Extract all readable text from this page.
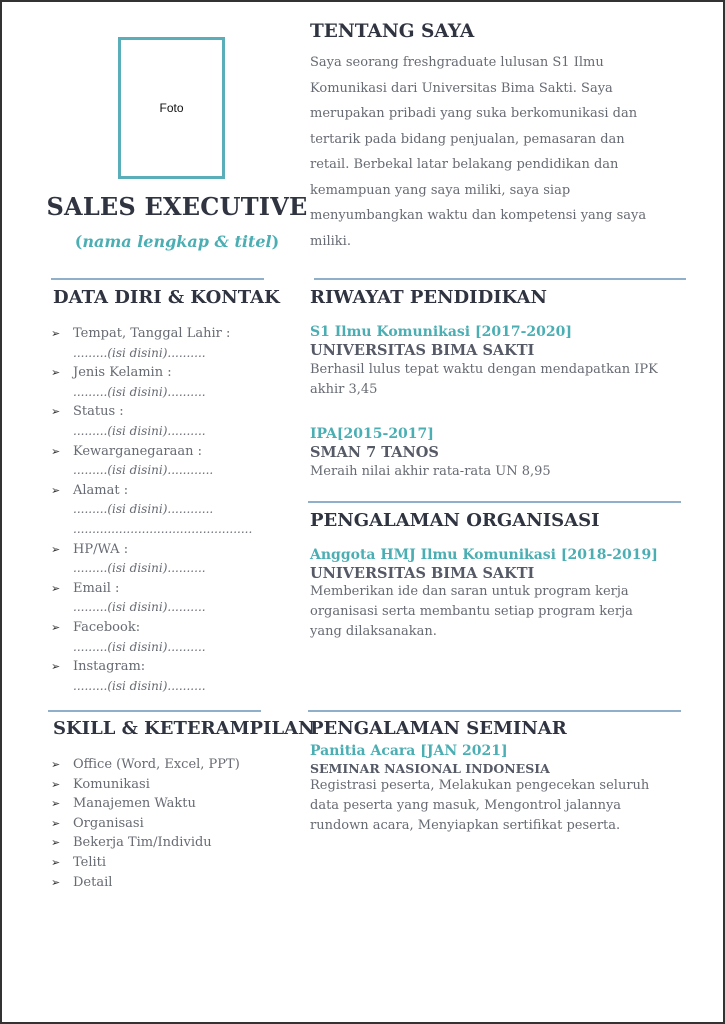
Foto
SALES EXECUTIVE
(nama lengkap & titel)
TENTANG SAYA
Saya seorang freshgraduate lulusan S1 Ilmu
Komunikasi dari Universitas Bima Sakti. Saya
merupakan pribadi yang suka berkomunikasi dan
tertarik pada bidang penjualan, pemasaran dan
retail. Berbekal latar belakang pendidikan dan
kemampuan yang saya miliki, saya siap
menyumbangkan waktu dan kompetensi yang saya
miliki.
DATA DIRI & KONTAK
➢ Tempat, Tanggal Lahir :
.........(isi disini)..........
➢ Jenis Kelamin :
.........(isi disini)..........
➢ Status :
.........(isi disini)..........
➢ Kewarganegaraan :
.........(isi disini)............
➢ Alamat :
.........(isi disini)............
...............................................
➢ HP/WA :
.........(isi disini)..........
➢ Email :
.........(isi disini)..........
➢ Facebook:
.........(isi disini)..........
➢ Instagram:
.........(isi disini)..........
RIWAYAT PENDIDIKAN
S1 Ilmu Komunikasi [2017-2020]
UNIVERSITAS BIMA SAKTI
Berhasil lulus tepat waktu dengan mendapatkan IPK
akhir 3,45
IPA[2015-2017]
SMAN 7 TANOS
Meraih nilai akhir rata-rata UN 8,95
PENGALAMAN ORGANISASI
Anggota HMJ Ilmu Komunikasi [2018-2019]
UNIVERSITAS BIMA SAKTI
Memberikan ide dan saran untuk program kerja
organisasi serta membantu setiap program kerja
yang dilaksanakan.
SKILL & KETERAMPILAN
➢ Office (Word, Excel, PPT)
➢ Komunikasi
➢ Manajemen Waktu
➢ Organisasi
➢ Bekerja Tim/Individu
➢ Teliti
➢ Detail
PENGALAMAN SEMINAR
Panitia Acara [JAN 2021]
SEMINAR NASIONAL INDONESIA
Registrasi peserta, Melakukan pengecekan seluruh
data peserta yang masuk, Mengontrol jalannya
rundown acara, Menyiapkan sertifikat peserta.
